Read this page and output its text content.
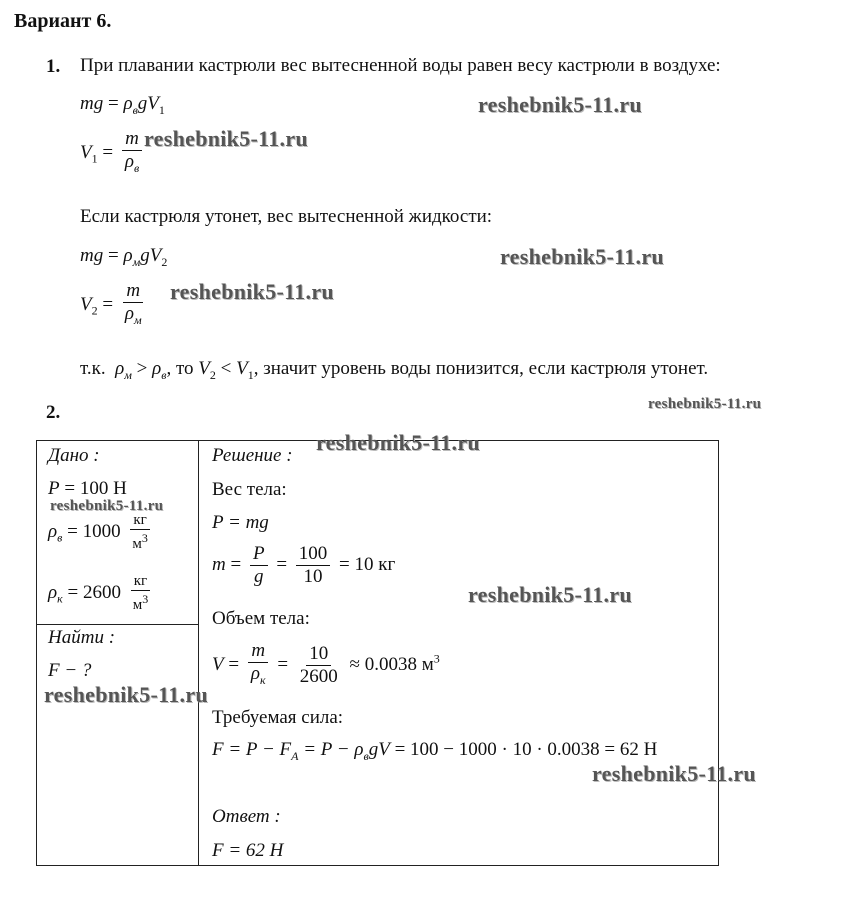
Вариант 6.
1. При плавании кастрюли вес вытесненной воды равен весу кастрюли в воздухе:
mg = $\rho_вgV_1$
$V_1 = \frac{m}{\rho_в}$
Если кастрюля утонет, вес вытесненной жидкости:
mg = $\rho_мgV_2$
$V_2 = \frac{m}{\rho_м}$
т.к. $\rho_м > \rho_в$, то $V_2 < V_1$, значит уровень воды понизится, если кастрюля утонет.
2.
Дано :
P = 100 Н
$\rho_в = 1000 \frac{кг}{м^3}$
$\rho_к = 2600 \frac{кг}{м^3}$
Найти :
F − ?
Решение :
Вес тела:
P = mg
$m = \frac{P}{g} = \frac{100}{10} = 10$ кг
Объем тела:
$V = \frac{m}{\rho_к} = \frac{10}{2600} \approx 0.0038$ $м^3$
Требуемая сила:
$F = P - F_A = P - \rho_вgV = 100 - 1000 \cdot 10 \cdot 0.0038 = 62$ Н
Ответ :
F = 62 Н
reshebnik5-11.ru
reshebnik5-11.ru
reshebnik5-11.ru
reshebnik5-11.ru
reshebnik5-11.ru
reshebnik5-11.ru
reshebnik5-11.ru
reshebnik5-11.ru
reshebnik5-11.ru
reshebnik5-11.ru
